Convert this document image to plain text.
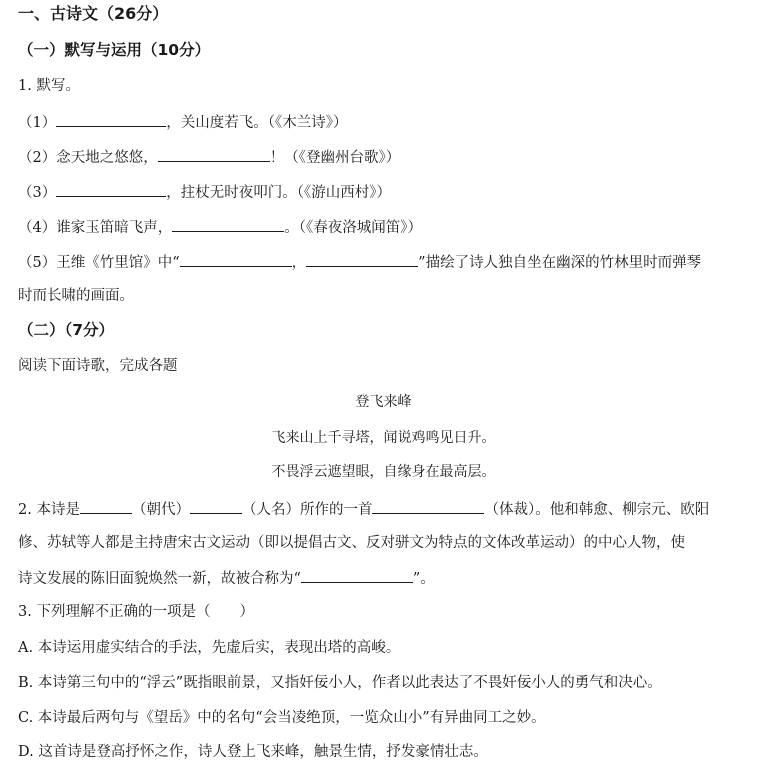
一、古诗文（26分）
（一）默写与运用（10分）
1. 默写。
（1）	，关山度若飞。（《木兰诗》）
（2）念天地之悠悠，	！（《登幽州台歌》）
（3）	，拄杖无时夜叩门。（《游山西村》）
（4）谁家玉笛暗飞声，	。（《春夜洛城闻笛》）
（5）王维《竹里馆》中“	，	”描绘了诗人独自坐在幽深的竹林里时而弹琴
时而长啸的画面。
（二）（7分）
阅读下面诗歌，完成各题
登飞来峰
飞来山上千寻塔，闻说鸡鸣见日升。
不畏浮云遮望眼，自缘身在最高层。
2. 本诗是	（朝代）	（人名）所作的一首	（体裁）。他和韩愈、柳宗元、欧阳
修、苏轼等人都是主持唐宋古文运动（即以提倡古文、反对骈文为特点的文体改革运动）的中心人物，使
诗文发展的陈旧面貌焕然一新，故被合称为“	”。
3. 下列理解不正确的一项是（　　）
A. 本诗运用虚实结合的手法，先虚后实，表现出塔的高峻。
B. 本诗第三句中的“浮云”既指眼前景，又指奸佞小人，作者以此表达了不畏奸佞小人的勇气和决心。
C. 本诗最后两句与《望岳》中的名句“会当凌绝顶，一览众山小”有异曲同工之妙。
D. 这首诗是登高抒怀之作，诗人登上飞来峰，触景生情，抒发豪情壮志。
